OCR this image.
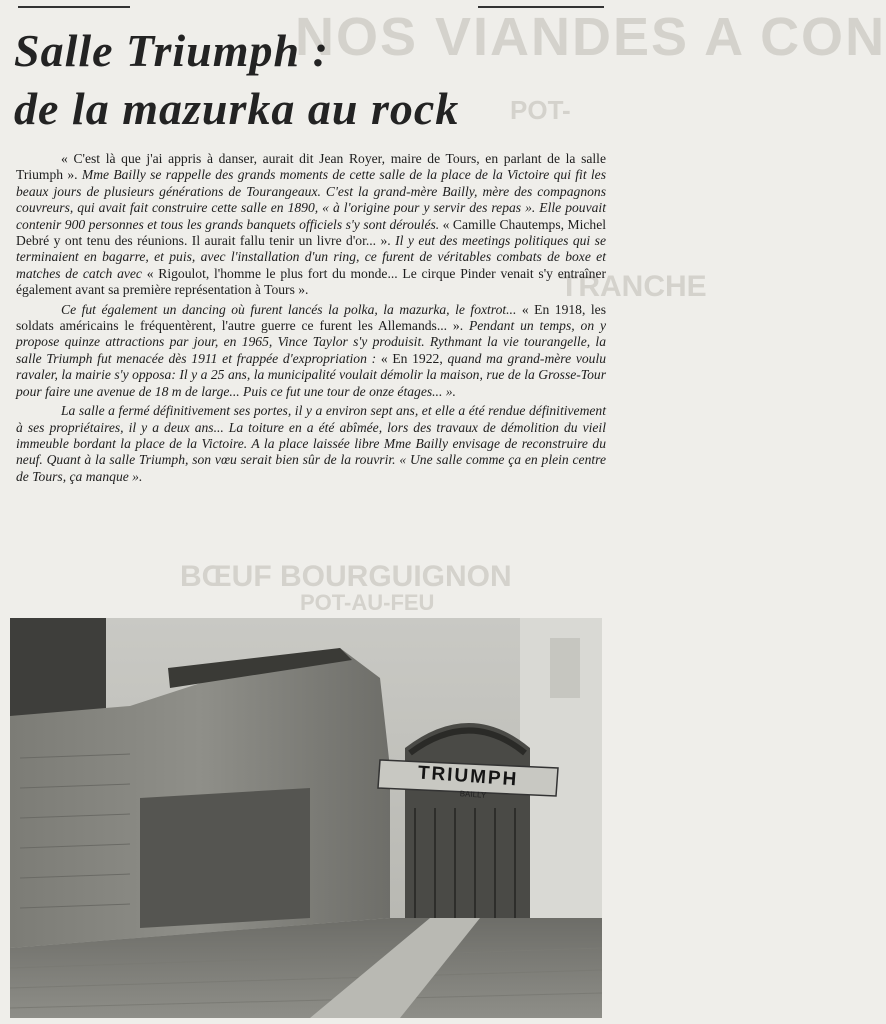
NOS VIANDES A CON
POT-
TRANCHE
BŒUF BOURGUIGNON
POT-AU-FEU
Salle Triumph :
de la mazurka au rock

« C'est là que j'ai appris à danser, aurait dit Jean Royer, maire de Tours, en parlant de la salle Triumph ». Mme Bailly se rappelle des grands moments de cette salle de la place de la Victoire qui fit les beaux jours de plusieurs générations de Tourangeaux. C'est la grand-mère Bailly, mère des compagnons couvreurs, qui avait fait construire cette salle en 1890, « à l'origine pour y servir des repas ». Elle pouvait contenir 900 personnes et tous les grands banquets officiels s'y sont déroulés. « Camille Chautemps, Michel Debré y ont tenu des réunions. Il aurait fallu tenir un livre d'or... ». Il y eut des meetings politiques qui se terminaient en bagarre, et puis, avec l'installation d'un ring, ce furent de véritables combats de boxe et matches de catch avec « Rigoulot, l'homme le plus fort du monde... Le cirque Pinder venait s'y entraîner également avant sa première représentation à Tours ».

Ce fut également un dancing où furent lancés la polka, la mazurka, le foxtrot... « En 1918, les soldats américains le fréquentèrent, l'autre guerre ce furent les Allemands... ». Pendant un temps, on y propose quinze attractions par jour, en 1965, Vince Taylor s'y produisit. Rythmant la vie tourangelle, la salle Triumph fut menacée dès 1911 et frappée d'expropriation : « En 1922, quand ma grand-mère voulu ravaler, la mairie s'y opposa: Il y a 25 ans, la municipalité voulait démolir la maison, rue de la Grosse-Tour pour faire une avenue de 18 m de large... Puis ce fut une tour de onze étages... ».

La salle a fermé définitivement ses portes, il y a environ sept ans, et elle a été rendue définitivement à ses propriétaires, il y a deux ans... La toiture en a été abîmée, lors des travaux de démolition du vieil immeuble bordant la place de la Victoire. A la place laissée libre Mme Bailly envisage de reconstruire du neuf. Quant à la salle Triumph, son vœu serait bien sûr de la rouvrir. « Une salle comme ça en plein centre de Tours, ça manque ».

TRIUMPH
BAILLY
